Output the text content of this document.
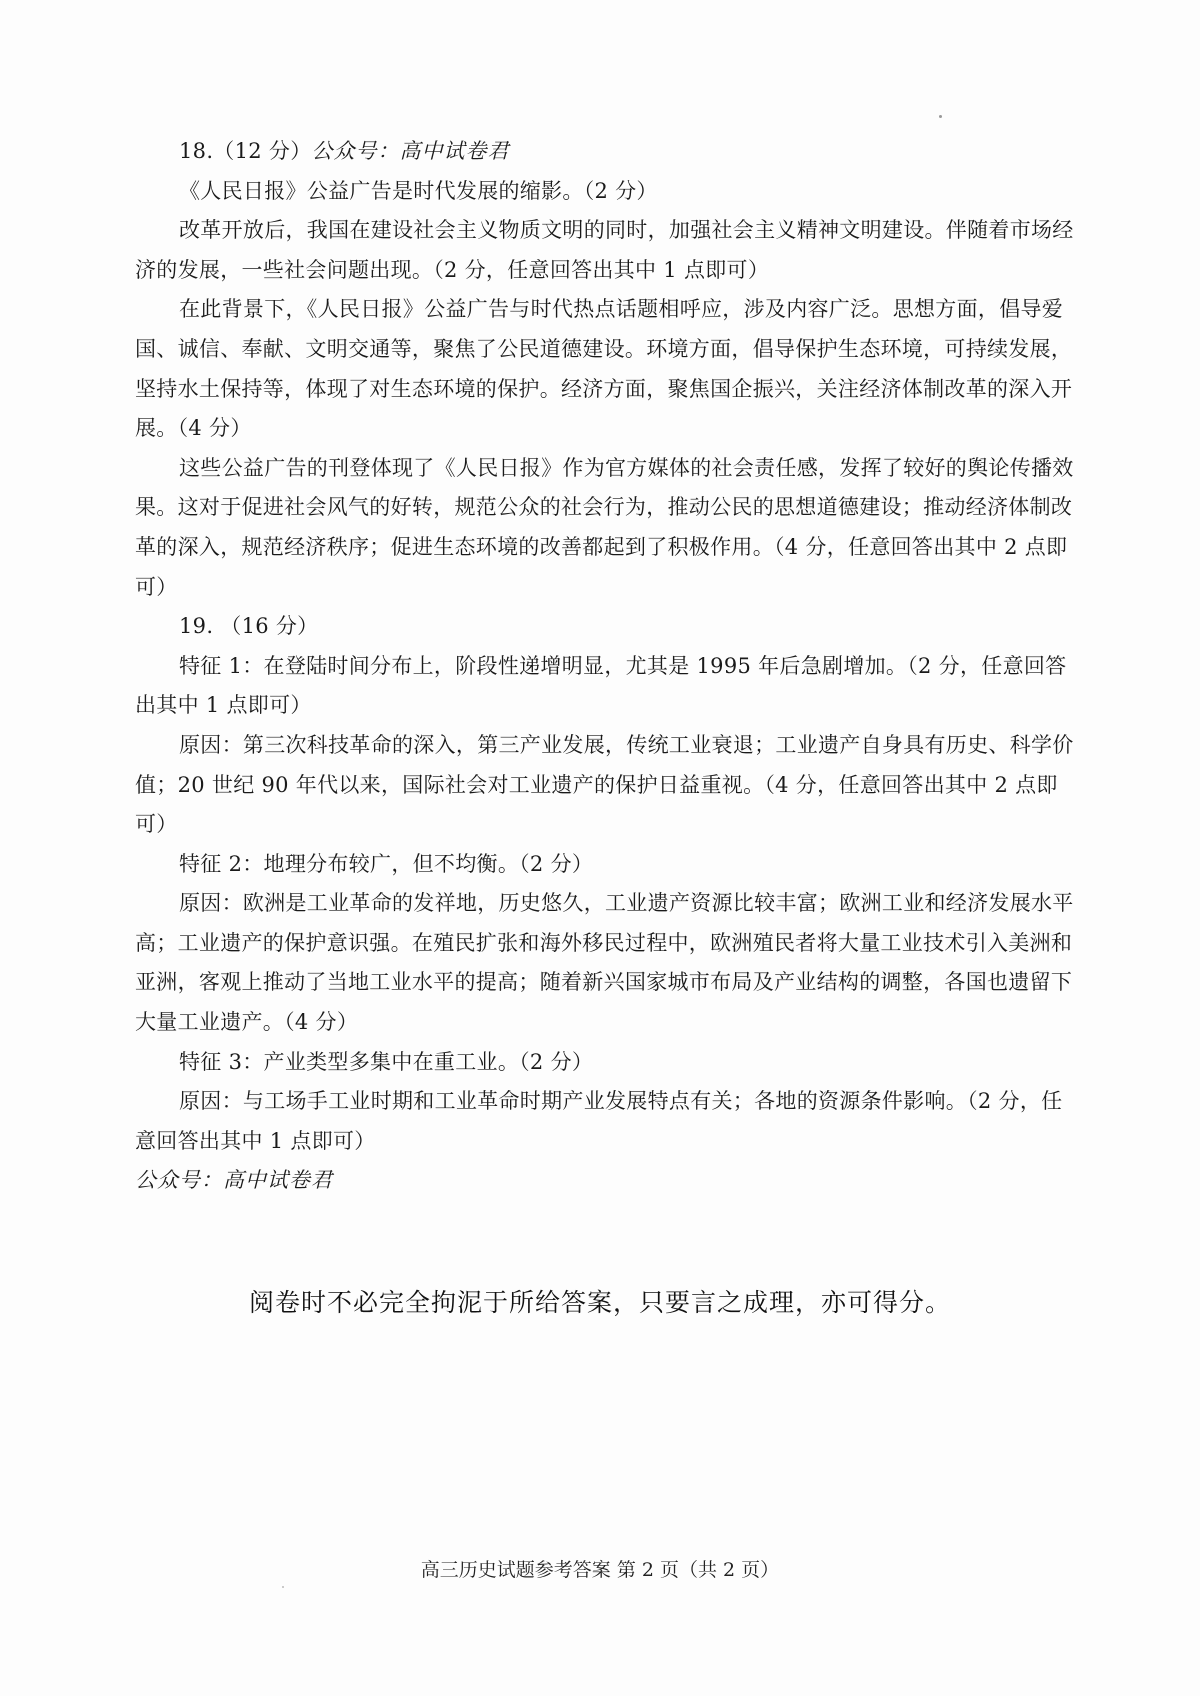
18.（12 分）公众号：高中试卷君

《人民日报》公益广告是时代发展的缩影。（2 分）

改革开放后，我国在建设社会主义物质文明的同时，加强社会主义精神文明建设。伴随着市场经济的发展，一些社会问题出现。（2 分，任意回答出其中 1 点即可）

在此背景下，《人民日报》公益广告与时代热点话题相呼应，涉及内容广泛。思想方面，倡导爱国、诚信、奉献、文明交通等，聚焦了公民道德建设。环境方面，倡导保护生态环境，可持续发展，坚持水土保持等，体现了对生态环境的保护。经济方面，聚焦国企振兴，关注经济体制改革的深入开展。（4 分）

这些公益广告的刊登体现了《人民日报》作为官方媒体的社会责任感，发挥了较好的舆论传播效果。这对于促进社会风气的好转，规范公众的社会行为，推动公民的思想道德建设；推动经济体制改革的深入，规范经济秩序；促进生态环境的改善都起到了积极作用。（4 分，任意回答出其中 2 点即可）

19. （16 分）

特征 1：在登陆时间分布上，阶段性递增明显，尤其是 1995 年后急剧增加。（2 分，任意回答出其中 1 点即可）

原因：第三次科技革命的深入，第三产业发展，传统工业衰退；工业遗产自身具有历史、科学价值；20 世纪 90 年代以来，国际社会对工业遗产的保护日益重视。（4 分，任意回答出其中 2 点即可）

特征 2：地理分布较广，但不均衡。（2 分）

原因：欧洲是工业革命的发祥地，历史悠久，工业遗产资源比较丰富；欧洲工业和经济发展水平高；工业遗产的保护意识强。在殖民扩张和海外移民过程中，欧洲殖民者将大量工业技术引入美洲和亚洲，客观上推动了当地工业水平的提高；随着新兴国家城市布局及产业结构的调整，各国也遗留下大量工业遗产。（4 分）

特征 3：产业类型多集中在重工业。（2 分）

原因：与工场手工业时期和工业革命时期产业发展特点有关；各地的资源条件影响。（2 分，任意回答出其中 1 点即可）

公众号：高中试卷君

阅卷时不必完全拘泥于所给答案，只要言之成理，亦可得分。
高三历史试题参考答案 第 2 页（共 2 页）
